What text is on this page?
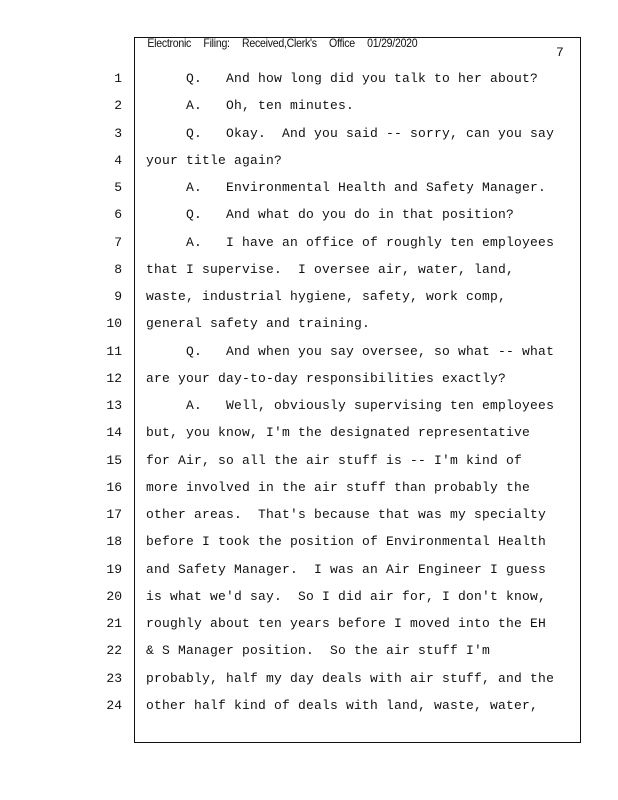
Electronic Filing: Received,Clerk's Office 01/29/2020

7
1 Q.   And how long did you talk to her about?
2 A.   Oh, ten minutes.
3 Q.   Okay.  And you said -- sorry, can you say
4 your title again?
5 A.   Environmental Health and Safety Manager.
6 Q.   And what do you do in that position?
7 A.   I have an office of roughly ten employees
8 that I supervise.  I oversee air, water, land,
9 waste, industrial hygiene, safety, work comp,
10 general safety and training.
11 Q.   And when you say oversee, so what -- what
12 are your day-to-day responsibilities exactly?
13 A.   Well, obviously supervising ten employees
14 but, you know, I'm the designated representative
15 for Air, so all the air stuff is -- I'm kind of
16 more involved in the air stuff than probably the
17 other areas.  That's because that was my specialty
18 before I took the position of Environmental Health
19 and Safety Manager.  I was an Air Engineer I guess
20 is what we'd say.  So I did air for, I don't know,
21 roughly about ten years before I moved into the EH
22 & S Manager position.  So the air stuff I'm
23 probably, half my day deals with air stuff, and the
24 other half kind of deals with land, waste, water,
